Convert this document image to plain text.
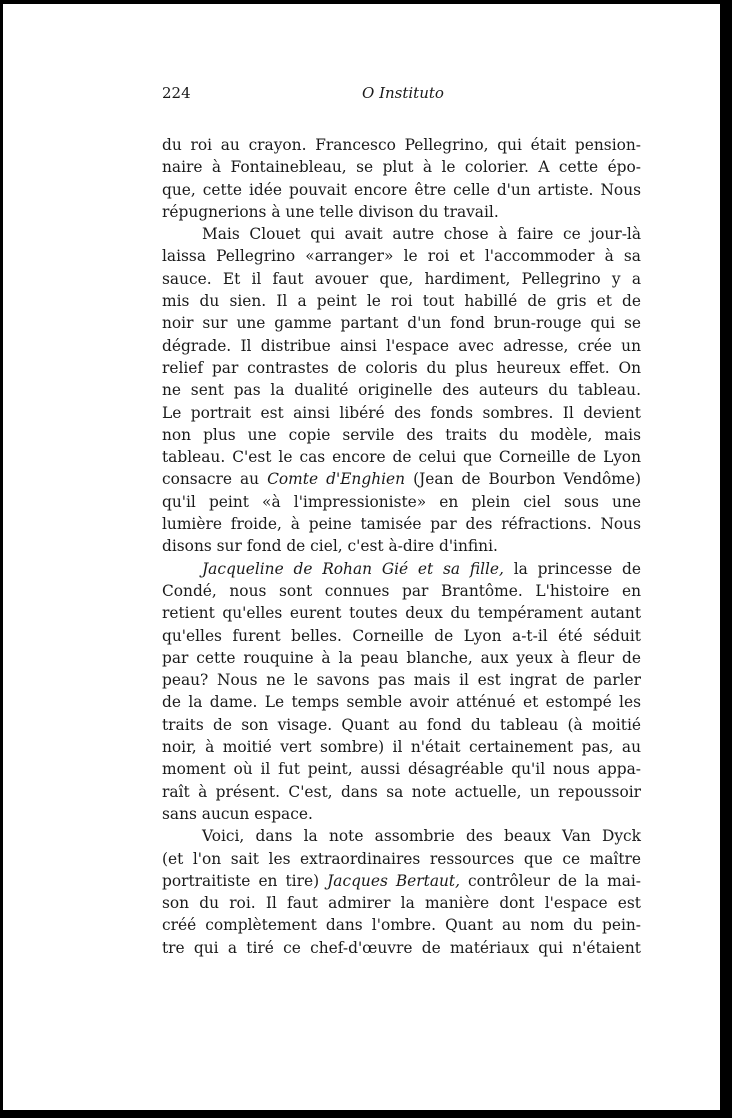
224	O Instituto
du roi au crayon. Francesco Pellegrino, qui était pension-
naire à Fontainebleau, se plut à le colorier. A cette épo-
que, cette idée pouvait encore être celle d'un artiste. Nous
répugnerions à une telle divison du travail.
Mais Clouet qui avait autre chose à faire ce jour-là
laissa Pellegrino «arranger» le roi et l'accommoder à sa
sauce. Et il faut avouer que, hardiment, Pellegrino y a
mis du sien. Il a peint le roi tout habillé de gris et de
noir sur une gamme partant d'un fond brun-rouge qui se
dégrade. Il distribue ainsi l'espace avec adresse, crée un
relief par contrastes de coloris du plus heureux effet. On
ne sent pas la dualité originelle des auteurs du tableau.
Le portrait est ainsi libéré des fonds sombres. Il devient
non plus une copie servile des traits du modèle, mais
tableau. C'est le cas encore de celui que Corneille de Lyon
consacre au Comte d'Enghien (Jean de Bourbon Vendôme)
qu'il peint «à l'impressioniste» en plein ciel sous une
lumière froide, à peine tamisée par des réfractions. Nous
disons sur fond de ciel, c'est à-dire d'infini.
Jacqueline de Rohan Gié et sa fille, la princesse de
Condé, nous sont connues par Brantôme. L'histoire en
retient qu'elles eurent toutes deux du tempérament autant
qu'elles furent belles. Corneille de Lyon a-t-il été séduit
par cette rouquine à la peau blanche, aux yeux à fleur de
peau? Nous ne le savons pas mais il est ingrat de parler
de la dame. Le temps semble avoir atténué et estompé les
traits de son visage. Quant au fond du tableau (à moitié
noir, à moitié vert sombre) il n'était certainement pas, au
moment où il fut peint, aussi désagréable qu'il nous appa-
raît à présent. C'est, dans sa note actuelle, un repoussoir
sans aucun espace.
Voici, dans la note assombrie des beaux Van Dyck
(et l'on sait les extraordinaires ressources que ce maître
portraitiste en tire) Jacques Bertaut, contrôleur de la mai-
son du roi. Il faut admirer la manière dont l'espace est
créé complètement dans l'ombre. Quant au nom du pein-
tre qui a tiré ce chef-d'œuvre de matériaux qui n'étaient
